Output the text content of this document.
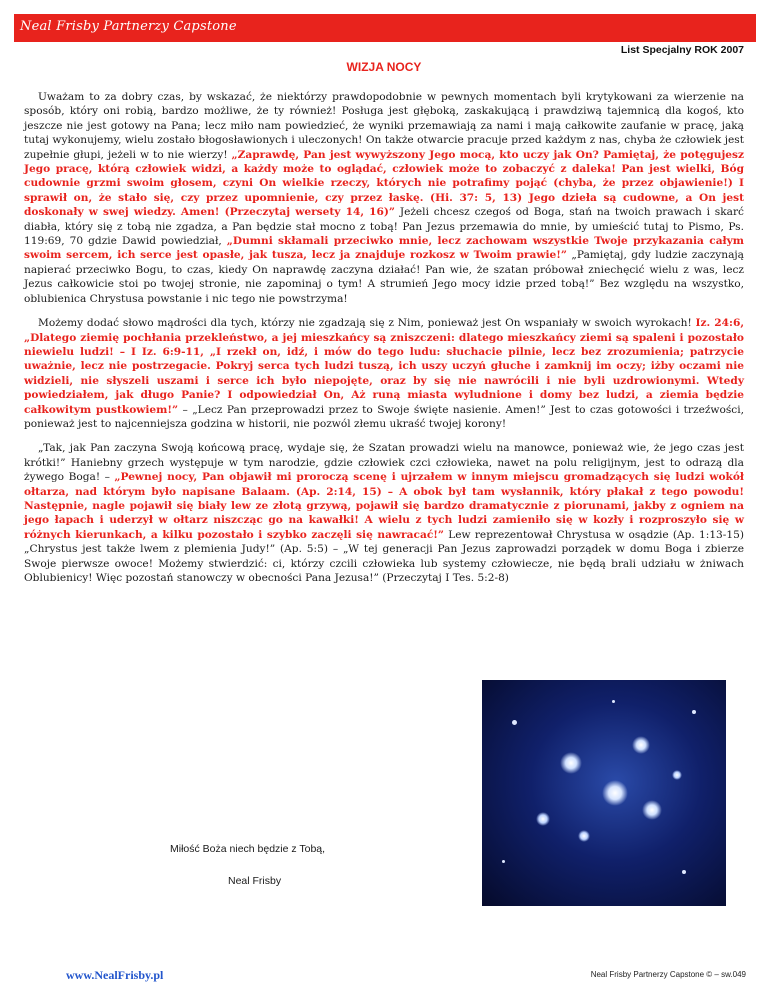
Neal Frisby Partnerzy Capstone
List Specjalny ROK 2007
WIZJA NOCY

Uważam to za dobry czas, by wskazać, że niektórzy prawdopodobnie w pewnych momentach byli krytykowani za wierzenie na sposób, który oni robią, bardzo możliwe, że ty również! Posługa jest głęboką, zaskakującą i prawdziwą tajemnicą dla kogoś, kto jeszcze nie jest gotowy na Pana; lecz miło nam powiedzieć, że wyniki przemawiają za nami i mają całkowite zaufanie w pracę, jaką tutaj wykonujemy, wielu zostało błogosławionych i uleczonych! On także otwarcie pracuje przed każdym z nas, chyba że człowiek jest zupełnie głupi, jeżeli w to nie wierzy! „Zaprawdę, Pan jest wywyższony Jego mocą, kto uczy jak On? Pamiętaj, że potęgujesz Jego pracę, którą człowiek widzi, a każdy może to oglądać, człowiek może to zobaczyć z daleka! Pan jest wielki, Bóg cudownie grzmi swoim głosem, czyni On wielkie rzeczy, których nie potrafimy pojąć (chyba, że przez objawienie!) I sprawił on, że stało się, czy przez upomnienie, czy przez łaskę. (Hi. 37: 5, 13) Jego dzieła są cudowne, a On jest doskonały w swej wiedzy. Amen! (Przeczytaj wersety 14, 16)” Jeżeli chcesz czegoś od Boga, stań na twoich prawach i skarć diabła, który się z tobą nie zgadza, a Pan będzie stał mocno z tobą! Pan Jezus przemawia do mnie, by umieścić tutaj to Pismo, Ps. 119:69, 70 gdzie Dawid powiedział, „Dumni skłamali przeciwko mnie, lecz zachowam wszystkie Twoje przykazania całym swoim sercem, ich serce jest opasłe, jak tusza, lecz ja znajduje rozkosz w Twoim prawie!” „Pamiętaj, gdy ludzie zaczynają napierać przeciwko Bogu, to czas, kiedy On naprawdę zaczyna działać! Pan wie, że szatan próbował zniechęcić wielu z was, lecz Jezus całkowicie stoi po twojej stronie, nie zapominaj o tym! A strumień Jego mocy idzie przed tobą!” Bez względu na wszystko, oblubienica Chrystusa powstanie i nic tego nie powstrzyma!

Możemy dodać słowo mądrości dla tych, którzy nie zgadzają się z Nim, ponieważ jest On wspaniały w swoich wyrokach! Iz. 24:6, „Dlatego ziemię pochłania przekleństwo, a jej mieszkańcy są zniszczeni: dlatego mieszkańcy ziemi są spaleni i pozostało niewielu ludzi! – I Iz. 6:9-11, „I rzekł on, idź, i mów do tego ludu: słuchacie pilnie, lecz bez zrozumienia; patrzycie uważnie, lecz nie postrzegacie. Pokryj serca tych ludzi tuszą, ich uszy uczyń głuche i zamknij im oczy; iżby oczami nie widzieli, nie słyszeli uszami i serce ich było niepojęte, oraz by się nie nawrócili i nie byli uzdrowionymi. Wtedy powiedziałem, jak długo Panie? I odpowiedział On, Aż runą miasta wyludnione i domy bez ludzi, a ziemia będzie całkowitym pustkowiem!” – „Lecz Pan przeprowadzi przez to Swoje święte nasienie. Amen!” Jest to czas gotowości i trzeźwości, ponieważ jest to najcenniejsza godzina w historii, nie pozwól złemu ukraść twojej korony!

„Tak, jak Pan zaczyna Swoją końcową pracę, wydaje się, że Szatan prowadzi wielu na manowce, ponieważ wie, że jego czas jest krótki!” Haniebny grzech występuje w tym narodzie, gdzie człowiek czci człowieka, nawet na polu religijnym, jest to odrazą dla żywego Boga! – „Pewnej nocy, Pan objawił mi proroczą scenę i ujrzałem w innym miejscu gromadzących się ludzi wokół ołtarza, nad którym było napisane Balaam. (Ap. 2:14, 15) – A obok był tam wysłannik, który płakał z tego powodu! Następnie, nagle pojawił się biały lew ze złotą grzywą, pojawił się bardzo dramatycznie z piorunami, jakby z ogniem na jego łapach i uderzył w ołtarz niszcząc go na kawałki! A wielu z tych ludzi zamieniło się w kozły i rozproszyło się w różnych kierunkach, a kilku pozostało i szybko zaczęli się nawracać!” Lew reprezentował Chrystusa w osądzie (Ap. 1:13-15) „Chrystus jest także lwem z plemienia Judy!” (Ap. 5:5) – „W tej generacji Pan Jezus zaprowadzi porządek w domu Boga i zbierze Swoje pierwsze owoce! Możemy stwierdzić: ci, którzy czcili człowieka lub systemy człowiecze, nie będą brali udziału w żniwach Oblubienicy! Więc pozostań stanowczy w obecności Pana Jezusa!” (Przeczytaj I Tes. 5:2-8)

Miłość Boża niech będzie z Tobą,
Neal Frisby
www.NealFrisby.pl	Neal Frisby Partnerzy Capstone © – sw.049
